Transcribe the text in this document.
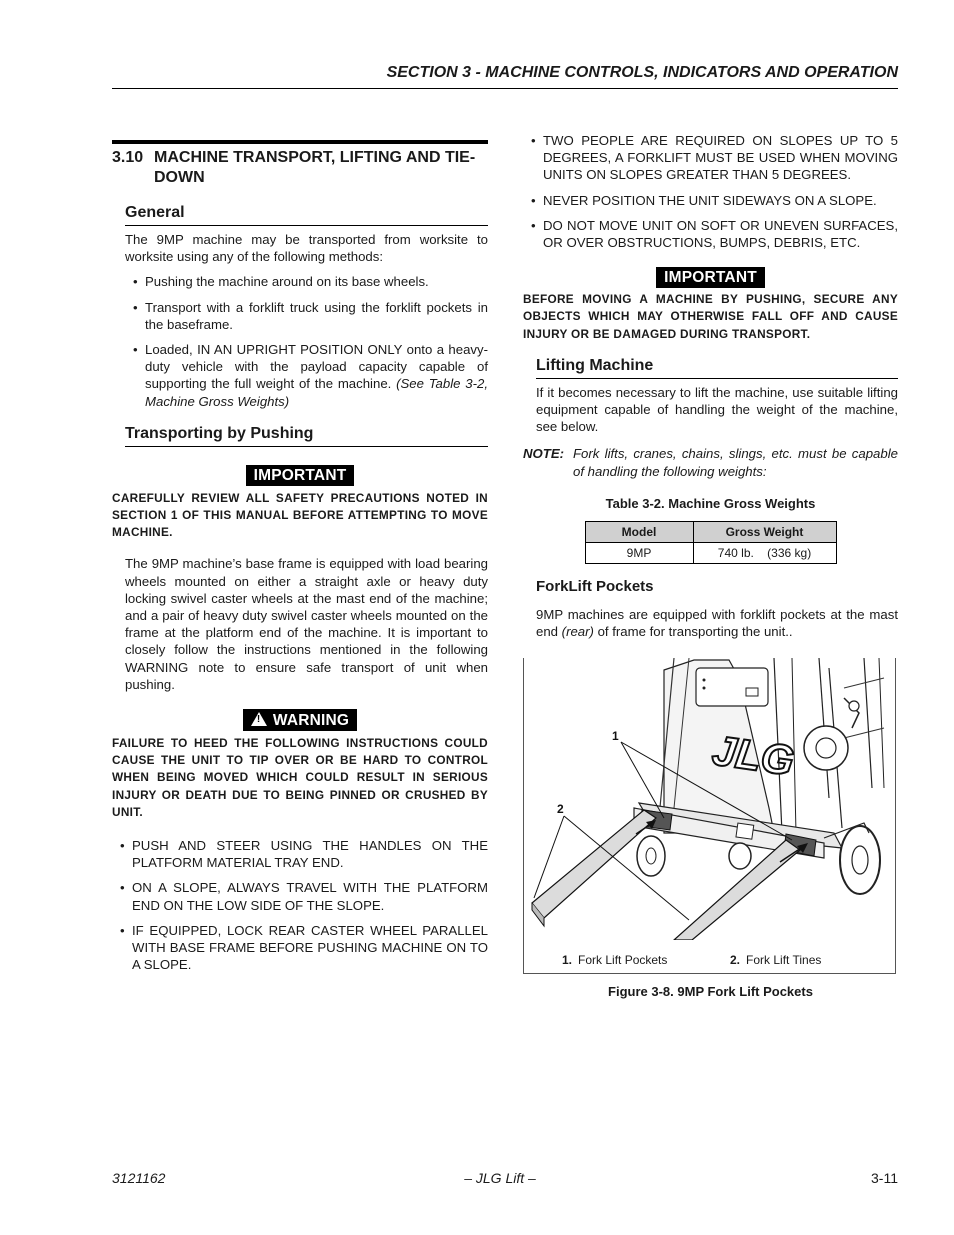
SECTION 3 - MACHINE CONTROLS, INDICATORS AND OPERATION
3.10 MACHINE TRANSPORT, LIFTING AND TIE-DOWN
General

The 9MP machine may be transported from worksite to worksite using any of the following methods:

• Pushing the machine around on its base wheels.
• Transport with a forklift truck using the forklift pockets in the baseframe.
• Loaded, IN AN UPRIGHT POSITION ONLY onto a heavy-duty vehicle with the payload capacity capable of supporting the full weight of the machine. (See Table 3-2, Machine Gross Weights)
Transporting by Pushing
IMPORTANT
CAREFULLY REVIEW ALL SAFETY PRECAUTIONS NOTED IN SECTION 1 OF THIS MANUAL BEFORE ATTEMPTING TO MOVE MACHINE.

The 9MP machine’s base frame is equipped with load bearing wheels mounted on either a straight axle or heavy duty locking swivel caster wheels at the mast end of the machine; and a pair of heavy duty swivel caster wheels mounted on the frame at the platform end of the machine. It is important to closely follow the instructions mentioned in the following WARNING note to ensure safe transport of unit when pushing.

! WARNING
FAILURE TO HEED THE FOLLOWING INSTRUCTIONS COULD CAUSE THE UNIT TO TIP OVER OR BE HARD TO CONTROL WHEN BEING MOVED WHICH COULD RESULT IN SERIOUS INJURY OR DEATH DUE TO BEING PINNED OR CRUSHED BY UNIT.
• PUSH AND STEER USING THE HANDLES ON THE PLATFORM MATERIAL TRAY END.
• ON A SLOPE, ALWAYS TRAVEL WITH THE PLATFORM END ON THE LOW SIDE OF THE SLOPE.
• IF EQUIPPED, LOCK REAR CASTER WHEEL PARALLEL WITH BASE FRAME BEFORE PUSHING MACHINE ON TO A SLOPE.
• TWO PEOPLE ARE REQUIRED ON SLOPES UP TO 5 DEGREES, A FORKLIFT MUST BE USED WHEN MOVING UNITS ON SLOPES GREATER THAN 5 DEGREES.
• NEVER POSITION THE UNIT SIDEWAYS ON A SLOPE.
• DO NOT MOVE UNIT ON SOFT OR UNEVEN SURFACES, OR OVER OBSTRUCTIONS, BUMPS, DEBRIS, ETC.
IMPORTANT
BEFORE MOVING A MACHINE BY PUSHING, SECURE ANY OBJECTS WHICH MAY OTHERWISE FALL OFF AND CAUSE INJURY OR BE DAMAGED DURING TRANSPORT.
Lifting Machine

If it becomes necessary to lift the machine, use suitable lifting equipment capable of handling the weight of the machine, see below.

NOTE: Fork lifts, cranes, chains, slings, etc. must be capable of handling the following weights:
Table 3-2. Machine Gross Weights
Model	Gross Weight
9MP	740 lb.    (336 kg)
ForkLift Pockets

9MP machines are equipped with forklift pockets at the mast end (rear) of frame for transporting the unit..

JLG
1
2
1. Fork Lift Pockets	2. Fork Lift Tines
Figure 3-8. 9MP Fork Lift Pockets
3121162	– JLG Lift –	3-11
